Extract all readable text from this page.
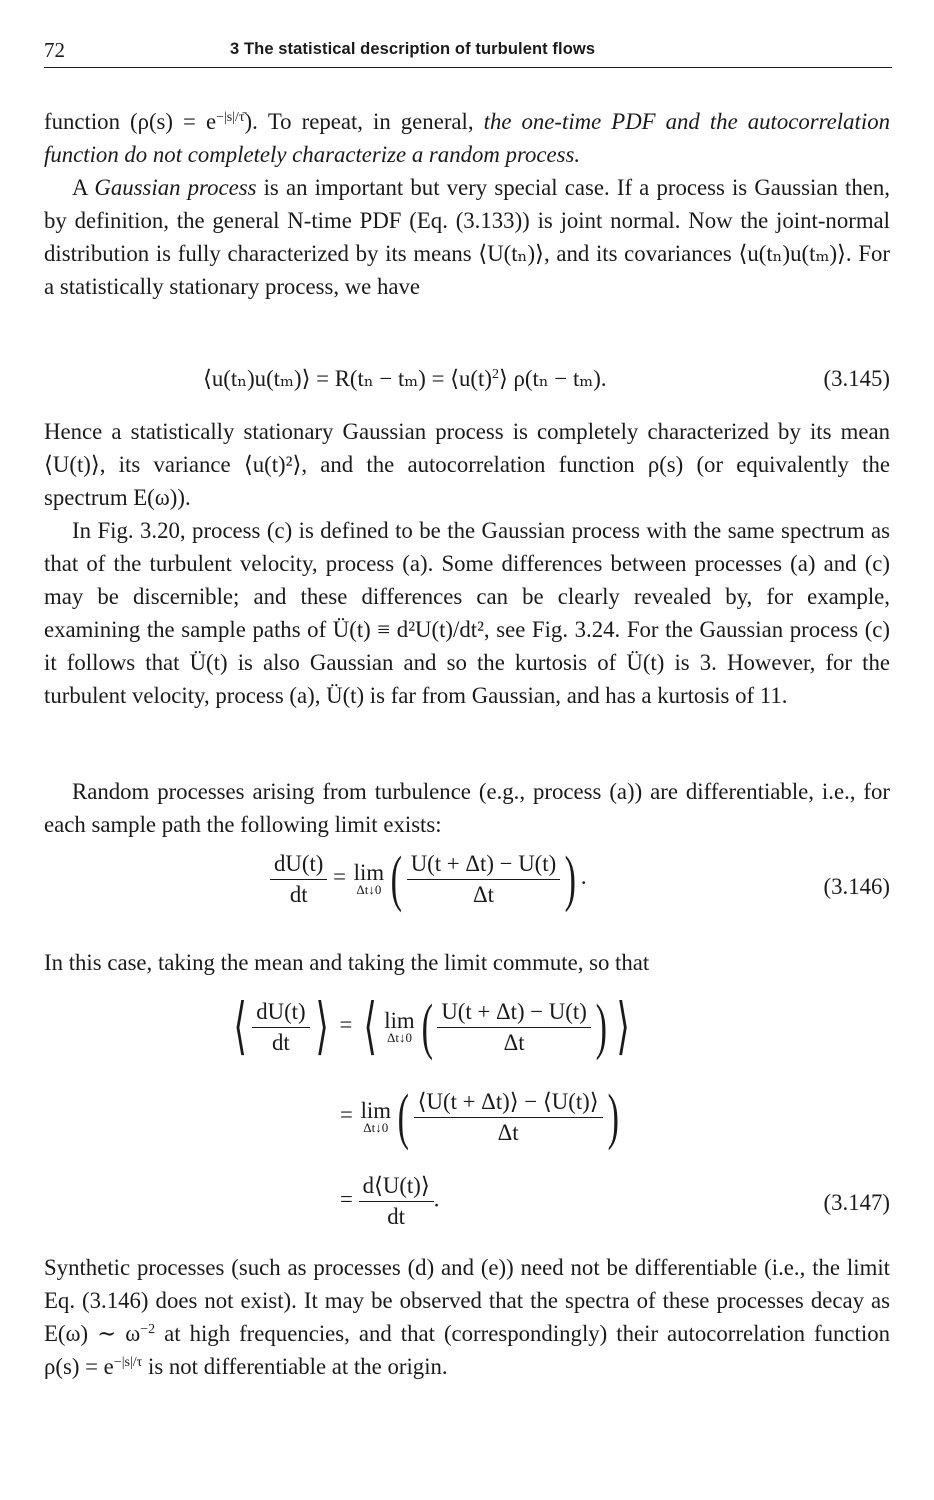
72	3 The statistical description of turbulent flows

function $(\rho(s) = e^{-|s|/\taū})$. To repeat, in general, the one-time PDF and the autocorrelation function do not completely characterize a random process.

A Gaussian process is an important but very special case. If a process is Gaussian then, by definition, the general N-time PDF (Eq. (3.133)) is joint normal. Now the joint-normal distribution is fully characterized by its means ⟨U(tₙ)⟩, and its covariances ⟨u(tₙ)u(tₘ)⟩. For a statistically stationary process, we have

⟨u(tₙ)u(tₘ)⟩ = $R(t_n - t_m) = ⟨u(t)^2⟩$ ρ(tₙ − tₘ).	(3.145)

Hence a statistically stationary Gaussian process is completely characterized by its mean ⟨U(t)⟩, its variance ⟨u(t)²⟩, and the autocorrelation function ρ(s) (or equivalently the spectrum E(ω)).

In Fig. 3.20, process (c) is defined to be the Gaussian process with the same spectrum as that of the turbulent velocity, process (a). Some differences between processes (a) and (c) may be discernible; and these differences can be clearly revealed by, for example, examining the sample paths of Ü(t) ≡ d²U(t)/dt², see Fig. 3.24. For the Gaussian process (c) it follows that Ü(t) is also Gaussian and so the kurtosis of Ü(t) is 3. However, for the turbulent velocity, process (a), Ü(t) is far from Gaussian, and has a kurtosis of 11.

Random processes arising from turbulence (e.g., process (a)) are differentiable, i.e., for each sample path the following limit exists:

$\frac{dU(t)}{dt} = \lim$
Δt↓0 ( $\frac{U(t + \Delta t) - U(t)}{\Delta t}$ ) .	(3.146)

In this case, taking the mean and taking the limit commute, so that

⟨ $\frac{dU(t)}{dt}$ ⟩ = ⟨ lim
Δt↓0 ( $\frac{U(t + \Delta t) - U(t)}{\Delta t}$ ) ⟩
= lim
Δt↓0 ( $\frac{⟨U(t + \Delta t)⟩ - ⟨U(t)⟩}{\Delta t}$ )
= $\frac{d⟨U(t)⟩}{dt}$ .	(3.147)

Synthetic processes (such as processes (d) and (e)) need not be differentiable (i.e., the limit Eq. (3.146) does not exist). It may be observed that the spectra of these processes decay as E(ω) ∼ $\omega^{-2}$ at high frequencies, and that (correspondingly) their autocorrelation function $\rho(s) = e^{-|s|/\tau}$ is not differentiable at the origin.
